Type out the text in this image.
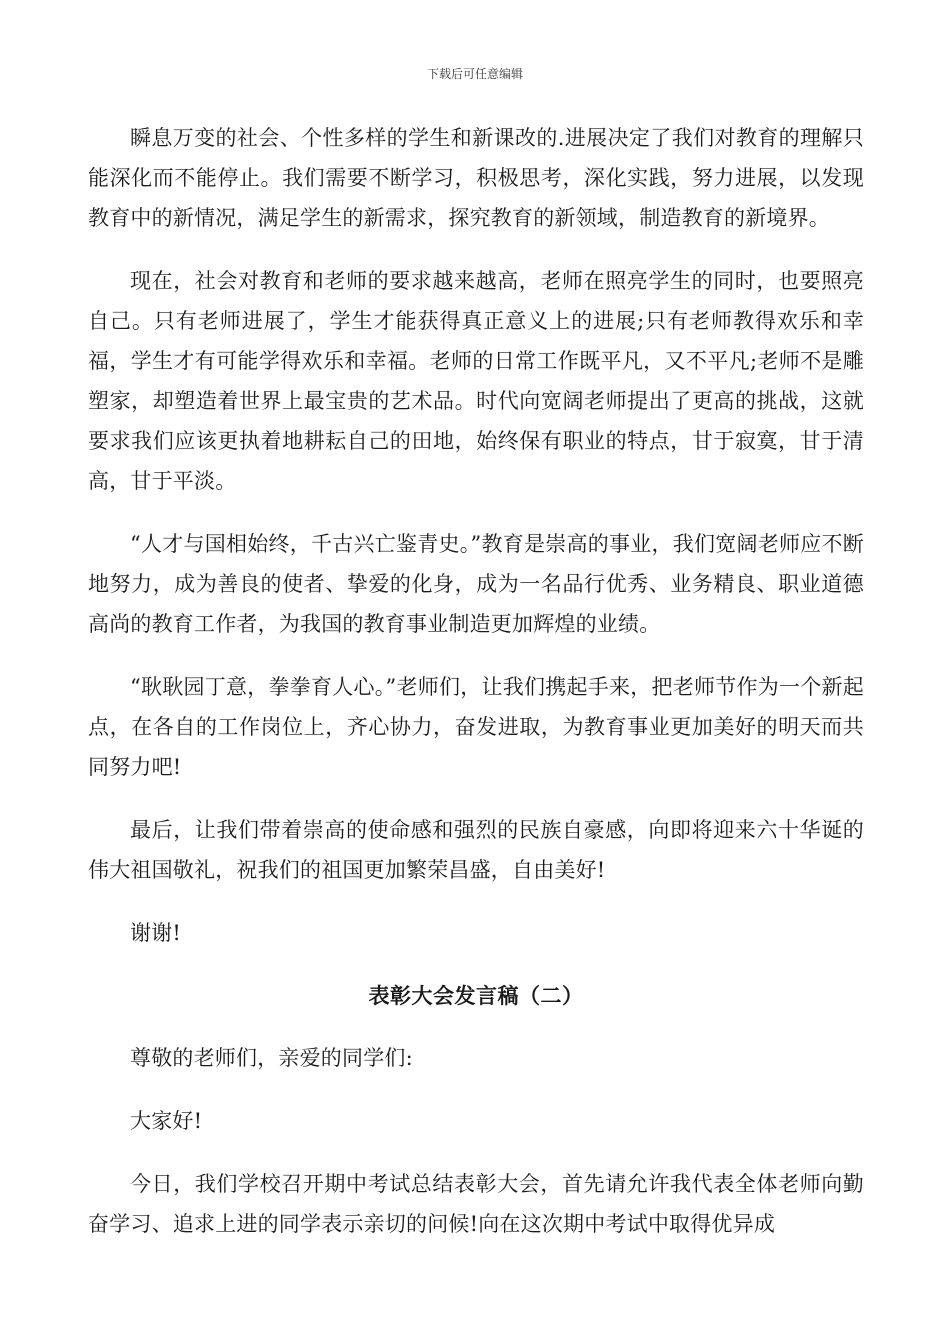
下载后可任意编辑

瞬息万变的社会、个性多样的学生和新课改的.进展决定了我们对教育的理解只能深化而不能停止。我们需要不断学习，积极思考，深化实践，努力进展，以发现教育中的新情况，满足学生的新需求，探究教育的新领域，制造教育的新境界。

现在，社会对教育和老师的要求越来越高，老师在照亮学生的同时，也要照亮自己。只有老师进展了，学生才能获得真正意义上的进展;只有老师教得欢乐和幸福，学生才有可能学得欢乐和幸福。老师的日常工作既平凡，又不平凡;老师不是雕塑家，却塑造着世界上最宝贵的艺术品。时代向宽阔老师提出了更高的挑战，这就要求我们应该更执着地耕耘自己的田地，始终保有职业的特点，甘于寂寞，甘于清高，甘于平淡。

“人才与国相始终，千古兴亡鉴青史。”教育是崇高的事业，我们宽阔老师应不断地努力，成为善良的使者、挚爱的化身，成为一名品行优秀、业务精良、职业道德高尚的教育工作者，为我国的教育事业制造更加辉煌的业绩。

“耿耿园丁意，拳拳育人心。”老师们，让我们携起手来，把老师节作为一个新起点，在各自的工作岗位上，齐心协力，奋发进取，为教育事业更加美好的明天而共同努力吧!

最后，让我们带着崇高的使命感和强烈的民族自豪感，向即将迎来六十华诞的伟大祖国敬礼，祝我们的祖国更加繁荣昌盛，自由美好!

谢谢!

表彰大会发言稿（二）

尊敬的老师们，亲爱的同学们:

大家好!

今日，我们学校召开期中考试总结表彰大会，首先请允许我代表全体老师向勤奋学习、追求上进的同学表示亲切的问候!向在这次期中考试中取得优异成
